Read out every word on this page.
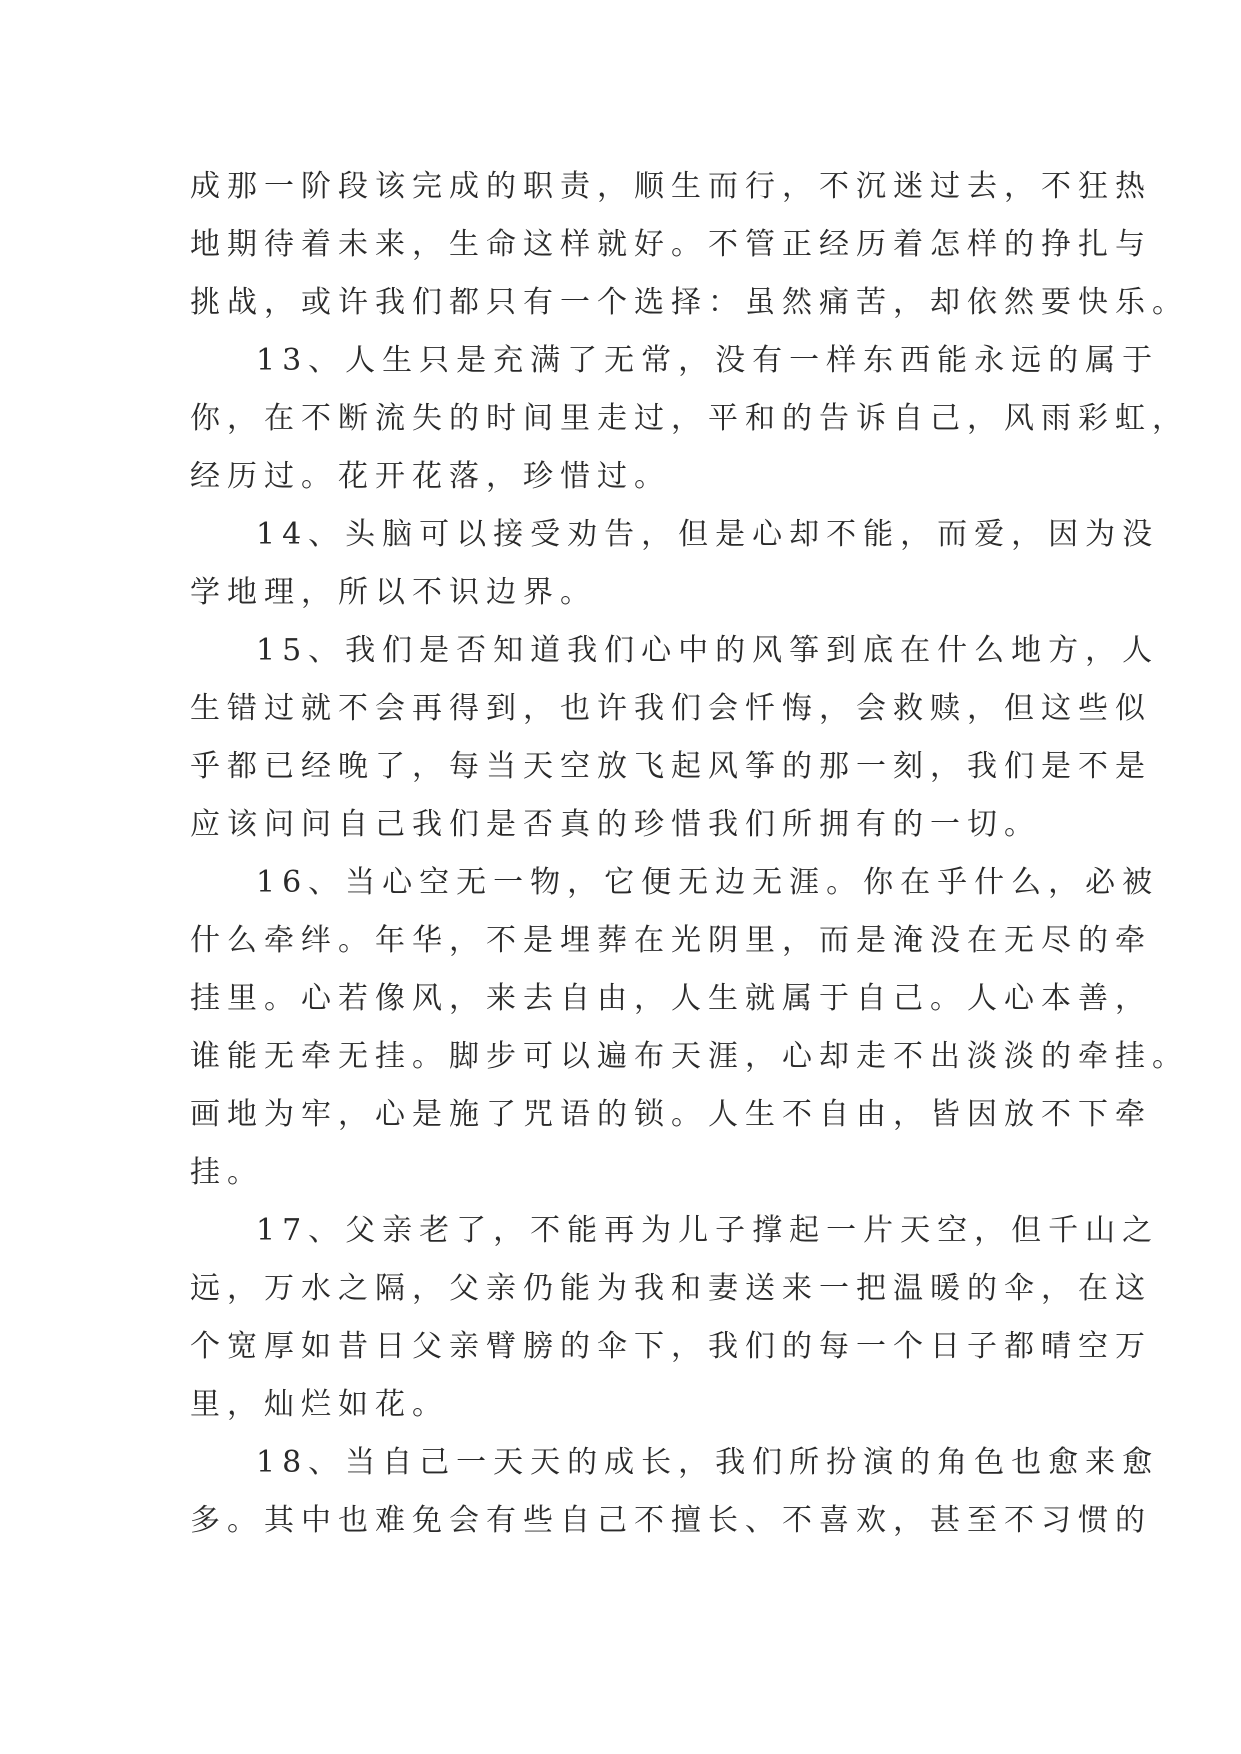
成那一阶段该完成的职责，顺生而行，不沉迷过去，不狂热
地期待着未来，生命这样就好。不管正经历着怎样的挣扎与
挑战，或许我们都只有一个选择：虽然痛苦，却依然要快乐。

13、人生只是充满了无常，没有一样东西能永远的属于
你，在不断流失的时间里走过，平和的告诉自己，风雨彩虹，
经历过。花开花落，珍惜过。

14、头脑可以接受劝告，但是心却不能，而爱，因为没
学地理，所以不识边界。

15、我们是否知道我们心中的风筝到底在什么地方，人
生错过就不会再得到，也许我们会忏悔，会救赎，但这些似
乎都已经晚了，每当天空放飞起风筝的那一刻，我们是不是
应该问问自己我们是否真的珍惜我们所拥有的一切。

16、当心空无一物，它便无边无涯。你在乎什么，必被
什么牵绊。年华，不是埋葬在光阴里，而是淹没在无尽的牵
挂里。心若像风，来去自由，人生就属于自己。人心本善，
谁能无牵无挂。脚步可以遍布天涯，心却走不出淡淡的牵挂。
画地为牢，心是施了咒语的锁。人生不自由，皆因放不下牵
挂。

17、父亲老了，不能再为儿子撑起一片天空，但千山之
远，万水之隔，父亲仍能为我和妻送来一把温暖的伞，在这
个宽厚如昔日父亲臂膀的伞下，我们的每一个日子都晴空万
里，灿烂如花。

18、当自己一天天的成长，我们所扮演的角色也愈来愈
多。其中也难免会有些自己不擅长、不喜欢，甚至不习惯的
